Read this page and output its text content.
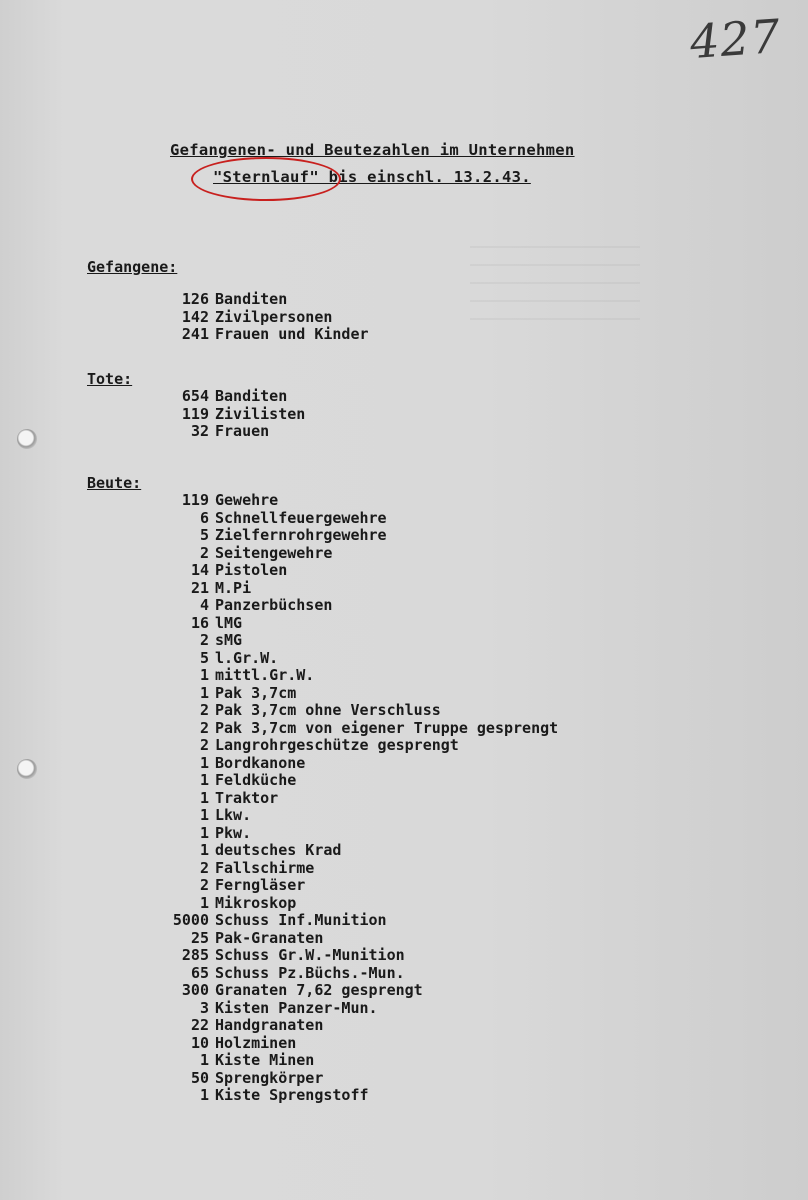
427
Gefangenen- und Beutezahlen im Unternehmen
"Sternlauf" bis einschl. 13.2.43.
Gefangene:
126 Banditen
142 Zivilpersonen
241 Frauen und Kinder
Tote:
654 Banditen
119 Zivilisten
32 Frauen
Beute:
119 Gewehre
6 Schnellfeuergewehre
5 Zielfernrohrgewehre
2 Seitengewehre
14 Pistolen
21 M.Pi
4 Panzerbüchsen
16 lMG
2 sMG
5 l.Gr.W.
1 mittl.Gr.W.
1 Pak 3,7cm
2 Pak 3,7cm ohne Verschluss
2 Pak 3,7cm von eigener Truppe gesprengt
2 Langrohrgeschütze gesprengt
1 Bordkanone
1 Feldküche
1 Traktor
1 Lkw.
1 Pkw.
1 deutsches Krad
2 Fallschirme
2 Ferngläser
1 Mikroskop
5000 Schuss Inf.Munition
25 Pak-Granaten
285 Schuss Gr.W.-Munition
65 Schuss Pz.Büchs.-Mun.
300 Granaten 7,62 gesprengt
3 Kisten Panzer-Mun.
22 Handgranaten
10 Holzminen
1 Kiste Minen
50 Sprengkörper
1 Kiste Sprengstoff
